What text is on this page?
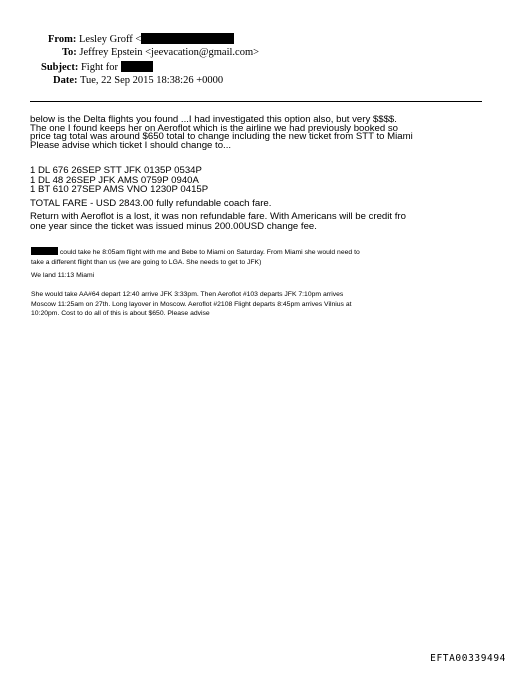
From: Lesley Groff <
To: Jeffrey Epstein <jeevacation@gmail.com>
Subject: Fight for
Date: Tue, 22 Sep 2015 18:38:26 +0000
below is the Delta flights you found ...I had investigated this option also, but very $$$$.
The one I found keeps her on Aeroflot which is the airline we had previously booked so
price tag total was around $650 total to change including the new ticket from STT to Miami
Please advise which ticket I should change to...
1 DL 676 26SEP STT JFK 0135P 0534P
1 DL 48 26SEP JFK AMS 0759P 0940A
1 BT 610 27SEP AMS VNO 1230P 0415P
TOTAL FARE - USD 2843.00 fully refundable coach fare.
Return with Aeroflot is a lost, it was non refundable fare. With Americans will be credit fro
one year since the ticket was issued minus 200.00USD change fee.
could take he 8:05am flight with me and Bebe to Miami on Saturday. From Miami she would need to
take a different flight than us (we are going to LGA. She needs to get to JFK)
We land 11:13 Miami
She would take AA#64 depart 12:40 arrive JFK 3:33pm. Then Aeroflot #103 departs JFK 7:10pm arrives
Moscow 11:25am on 27th. Long layover in Moscow. Aeroflot #2108 Flight departs 8:45pm arrives Vilnius at
10:20pm. Cost to do all of this is about $650. Please advise
EFTA00339494
